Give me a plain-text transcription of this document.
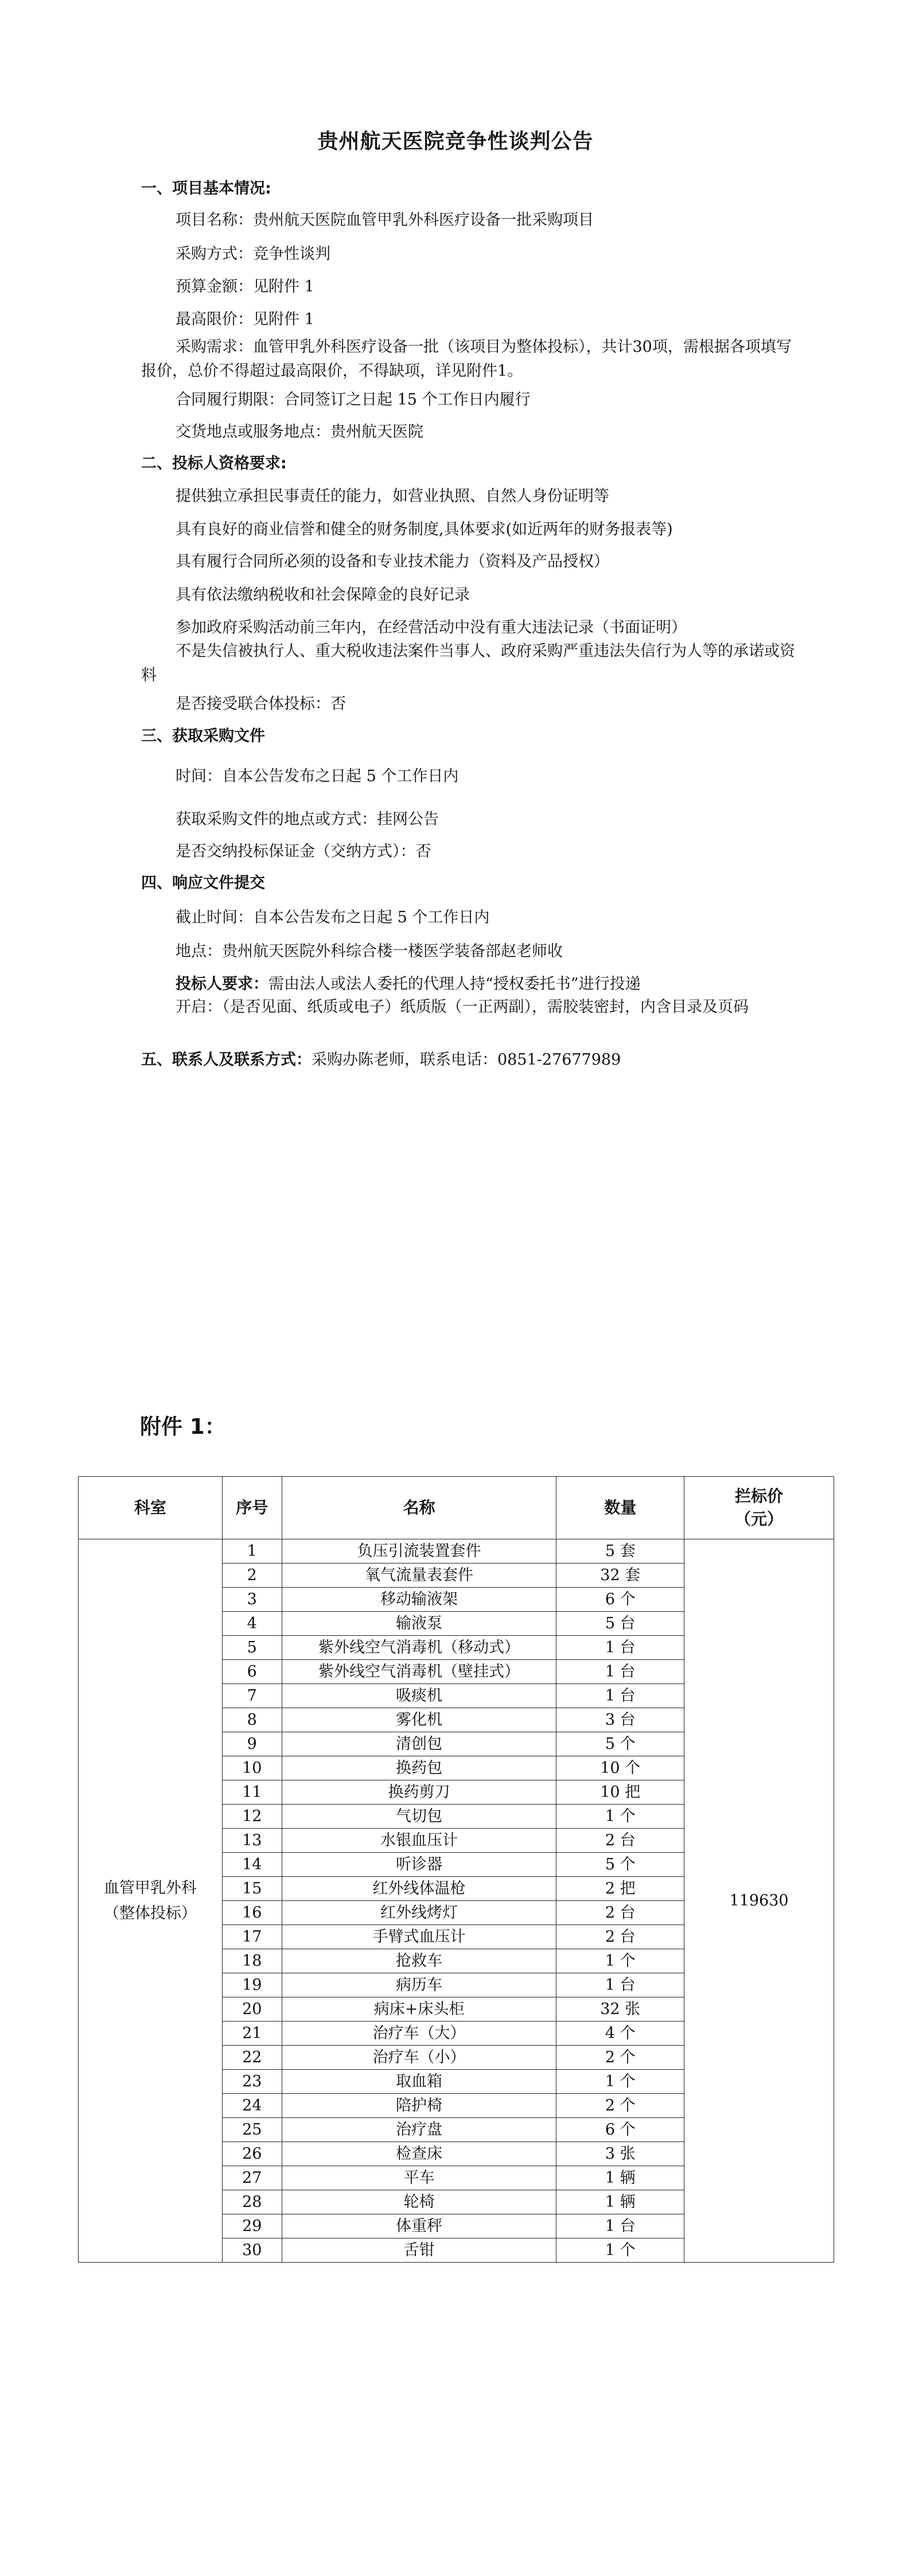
贵州航天医院竞争性谈判公告
一、项目基本情况:
项目名称：贵州航天医院血管甲乳外科医疗设备一批采购项目
采购方式：竞争性谈判
预算金额：见附件 1
最高限价：见附件 1
采购需求：血管甲乳外科医疗设备一批（该项目为整体投标），共计30项，需根据各项填写报价，总价不得超过最高限价，不得缺项，详见附件1。
合同履行期限：合同签订之日起 15 个工作日内履行
交货地点或服务地点：贵州航天医院
二、投标人资格要求:
提供独立承担民事责任的能力，如营业执照、自然人身份证明等
具有良好的商业信誉和健全的财务制度,具体要求(如近两年的财务报表等)
具有履行合同所必须的设备和专业技术能力（资料及产品授权）
具有依法缴纳税收和社会保障金的良好记录
参加政府采购活动前三年内，在经营活动中没有重大违法记录（书面证明）
不是失信被执行人、重大税收违法案件当事人、政府采购严重违法失信行为人等的承诺或资料
是否接受联合体投标：否
三、获取采购文件
时间：自本公告发布之日起 5 个工作日内
获取采购文件的地点或方式：挂网公告
是否交纳投标保证金（交纳方式）：否
四、响应文件提交
截止时间：自本公告发布之日起 5 个工作日内
地点：贵州航天医院外科综合楼一楼医学装备部赵老师收
投标人要求：需由法人或法人委托的代理人持“授权委托书”进行投递
开启：（是否见面、纸质或电子）纸质版（一正两副），需胶装密封，内含目录及页码
五、联系人及联系方式：采购办陈老师，联系电话：0851-27677989
附件 1：
科室	序号	名称	数量	拦标价
（元）

血管甲乳外科
（整体投标）	1	负压引流装置套件	5 套	119630
	2	氧气流量表套件	32 套	
	3	移动输液架	6 个	
	4	输液泵	5 台	
	5	紫外线空气消毒机（移动式）	1 台	
	6	紫外线空气消毒机（壁挂式）	1 台	
	7	吸痰机	1 台	
	8	雾化机	3 台	
	9	清创包	5 个	
	10	换药包	10 个	
	11	换药剪刀	10 把	
	12	气切包	1 个	
	13	水银血压计	2 台	
	14	听诊器	5 个	
	15	红外线体温枪	2 把	
	16	红外线烤灯	2 台	
	17	手臂式血压计	2 台	
	18	抢救车	1 个	
	19	病历车	1 台	
	20	病床+床头柜	32 张	
	21	治疗车（大）	4 个	
	22	治疗车（小）	2 个	
	23	取血箱	1 个	
	24	陪护椅	2 个	
	25	治疗盘	6 个	
	26	检查床	3 张	
	27	平车	1 辆	
	28	轮椅	1 辆	
	29	体重秤	1 台	
	30	舌钳	1 个	
